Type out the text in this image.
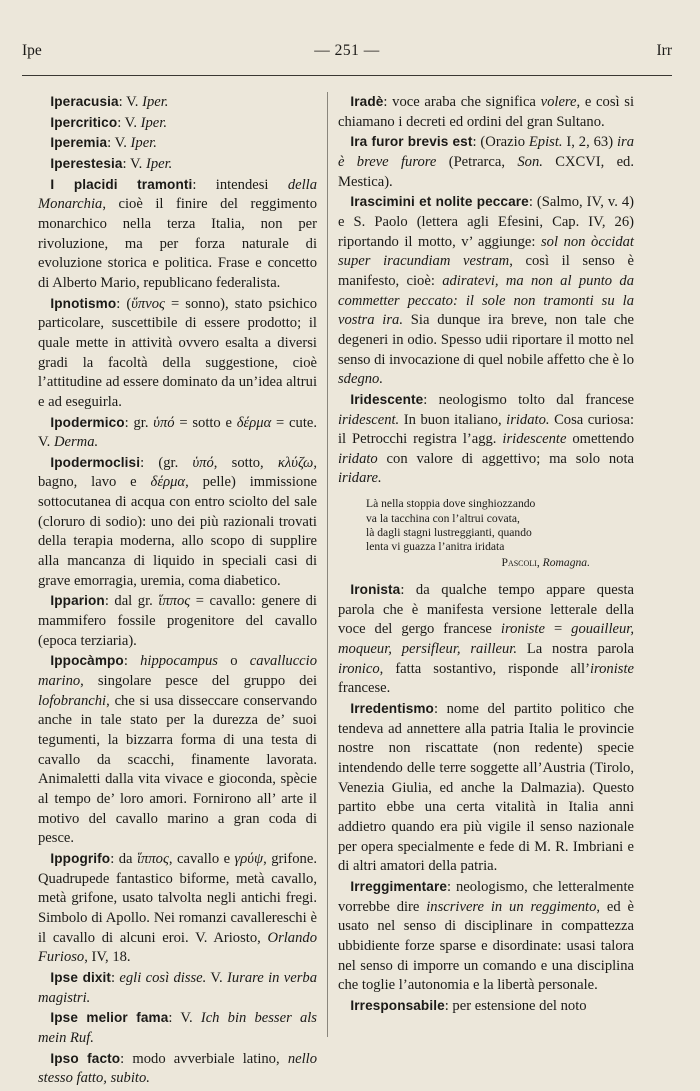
Ipe	— 251 —	Irr

Iperacusia: V. Iper.

Ipercritico: V. Iper.

Iperemia: V. Iper.

Iperestesia: V. Iper.

I placidi tramonti: intendesi della Monarchia, cioè il finire del reggimento monarchico nella terza Italia, non per rivoluzione, ma per forza naturale di evoluzione storica e politica. Frase e concetto di Alberto Mario, republicano federalista.

Ipnotismo: (ὕπνος = sonno), stato psichico particolare, suscettibile di essere prodotto; il quale mette in attività ovvero esalta a diversi gradi la facoltà della suggestione, cioè l’attitudine ad essere dominato da un’idea altrui e ad eseguirla.

Ipodermico: gr. ὑπό = sotto e δέρμα = cute. V. Derma.

Ipodermoclisi: (gr. ὑπό, sotto, κλύζω, bagno, lavo e δέρμα, pelle) immissione sottocutanea di acqua con entro sciolto del sale (cloruro di sodio): uno dei più razionali trovati della terapia moderna, allo scopo di supplire alla mancanza di liquido in speciali casi di grave emorragia, uremia, coma diabetico.

Ipparion: dal gr. ἵππος = cavallo: genere di mammifero fossile progenitore del cavallo (epoca terziaria).

Ippocàmpo: hippocampus o cavalluccio marino, singolare pesce del gruppo dei lofobranchi, che si usa disseccare conservando anche in tale stato per la durezza de’ suoi tegumenti, la bizzarra forma di una testa di cavallo da scacchi, finamente lavorata. Animaletti dalla vita vivace e gioconda, spècie al tempo de’ loro amori. Fornirono all’ arte il motivo del cavallo marino a gran coda di pesce.

Ippogrifo: da ἵππος, cavallo e γρύψ, grifone. Quadrupede fantastico biforme, metà cavallo, metà grifone, usato talvolta negli antichi fregi. Simbolo di Apollo. Nei romanzi cavallereschi è il cavallo di alcuni eroi. V. Ariosto, Orlando Furioso, IV, 18.

Ipse dixit: egli così disse. V. Iurare in verba magistri.

Ipse melior fama: V. Ich bin besser als mein Ruf.

Ipso facto: modo avverbiale latino, nello stesso fatto, subito.

Iradè: voce araba che significa volere, e così si chiamano i decreti ed ordini del gran Sultano.

Ira furor brevis est: (Orazio Epist. I, 2, 63) ira è breve furore (Petrarca, Son. CXCVI, ed. Mestica).

Irascimini et nolite peccare: (Salmo, IV, v. 4) e S. Paolo (lettera agli Efesini, Cap. IV, 26) riportando il motto, v’ aggiunge: sol non òccidat super iracundiam vestram, così il senso è manifesto, cioè: adiratevi, ma non al punto da commetter peccato: il sole non tramonti su la vostra ira. Sia dunque ira breve, non tale che degeneri in odio. Spesso udii riportare il motto nel senso di invocazione di quel nobile affetto che è lo sdegno.

Iridescente: neologismo tolto dal francese iridescent. In buon italiano, iridato. Cosa curiosa: il Petrocchi registra l’agg. iridescente omettendo iridato con valore di aggettivo; ma solo nota iridare.

Là nella stoppia dove singhiozzando
va la tacchina con l’altrui covata,
là dagli stagni lustreggianti, quando
lenta vi guazza l’anitra iridata
Pascoli, Romagna.

Ironista: da qualche tempo appare questa parola che è manifesta versione letterale della voce del gergo francese ironiste = gouailleur, moqueur, persifleur, railleur. La nostra parola ironico, fatta sostantivo, risponde all’ironiste francese.

Irredentismo: nome del partito politico che tendeva ad annettere alla patria Italia le provincie nostre non riscattate (non redente) specie intendendo delle terre soggette all’Austria (Tirolo, Venezia Giulia, ed anche la Dalmazia). Questo partito ebbe una certa vitalità in Italia anni addietro quando era più vigile il senso nazionale per opera specialmente e fede di M. R. Imbriani e di altri amatori della patria.

Irreggimentare: neologismo, che letteralmente vorrebbe dire inscrivere in un reggimento, ed è usato nel senso di disciplinare in compattezza ubbidiente forze sparse e disordinate: usasi talora nel senso di imporre un comando e una disciplina che toglie l’autonomia e la libertà personale.

Irresponsabile: per estensione del noto
